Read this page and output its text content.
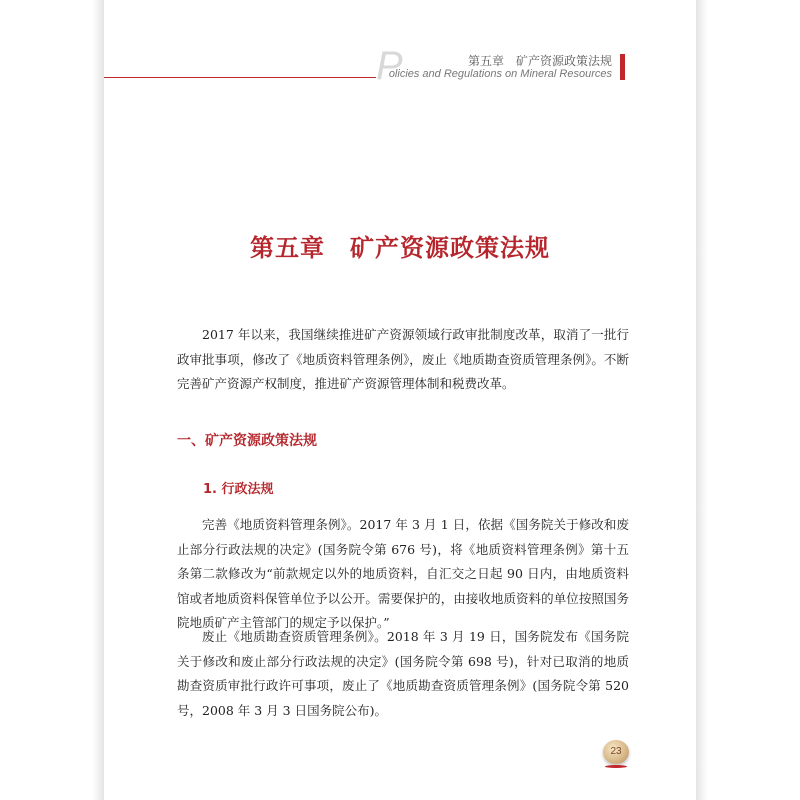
P	第五章　矿产资源政策法规
olicies and Regulations on Mineral Resources
第五章　矿产资源政策法规

2017 年以来，我国继续推进矿产资源领域行政审批制度改革，取消了一批行政审批事项，修改了《地质资料管理条例》，废止《地质勘查资质管理条例》。不断完善矿产资源产权制度，推进矿产资源管理体制和税费改革。

一、矿产资源政策法规
1. 行政法规

完善《地质资料管理条例》。2017 年 3 月 1 日，依据《国务院关于修改和废止部分行政法规的决定》(国务院令第 676 号)，将《地质资料管理条例》第十五条第二款修改为“前款规定以外的地质资料，自汇交之日起 90 日内，由地质资料馆或者地质资料保管单位予以公开。需要保护的，由接收地质资料的单位按照国务院地质矿产主管部门的规定予以保护。”

废止《地质勘查资质管理条例》。2018 年 3 月 19 日，国务院发布《国务院关于修改和废止部分行政法规的决定》(国务院令第 698 号)，针对已取消的地质勘查资质审批行政许可事项，废止了《地质勘查资质管理条例》(国务院令第 520 号，2008 年 3 月 3 日国务院公布)。

23
